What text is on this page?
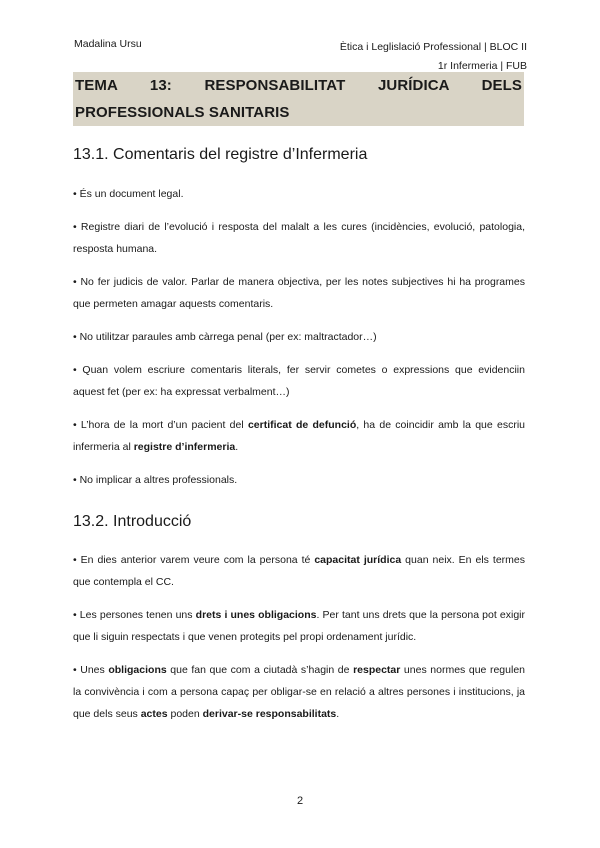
Madalina Ursu	Ètica i Leglislació Professional | BLOC II
1r Infermeria | FUB
TEMA 13: RESPONSABILITAT JURÍDICA DELS
PROFESSIONALS SANITARIS
13.1. Comentaris del registre d’Infermeria

• És un document legal.

• Registre diari de l’evolució i resposta del malalt a les cures (incidències, evolució, patologia, resposta humana.

• No fer judicis de valor. Parlar de manera objectiva, per les notes subjectives hi ha programes que permeten amagar aquests comentaris.

• No utilitzar paraules amb càrrega penal (per ex: maltractador…)

• Quan volem escriure comentaris literals, fer servir cometes o expressions que evidenciin aquest fet (per ex: ha expressat verbalment…)

• L’hora de la mort d’un pacient del certificat de defunció, ha de coincidir amb la que escriu infermeria al registre d’infermeria.

• No implicar a altres professionals.

13.2. Introducció

• En dies anterior varem veure com la persona té capacitat jurídica quan neix. En els termes que contempla el CC.

• Les persones tenen uns drets i unes obligacions. Per tant uns drets que la persona pot exigir que li siguin respectats i que venen protegits pel propi ordenament jurídic.

• Unes obligacions que fan que com a ciutadà s’hagin de respectar unes normes que regulen la convivència i com a persona capaç per obligar-se en relació a altres persones i institucions, ja que dels seus actes poden derivar-se responsabilitats.

2
